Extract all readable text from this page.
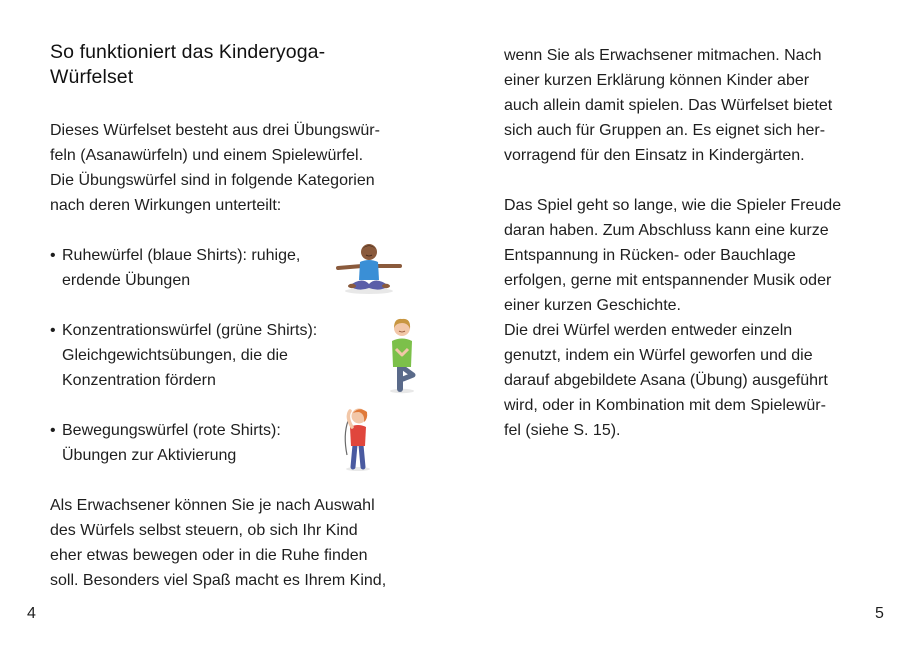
So funktioniert das Kinderyoga-
Würfelset
Dieses Würfelset besteht aus drei Übungswür-
feln (Asanawürfeln) und einem Spielewürfel.
Die Übungswürfel sind in folgende Kategorien
nach deren Wirkungen unterteilt:
• Ruhewürfel (blaue Shirts): ruhige,
erdende Übungen
• Konzentrationswürfel (grüne Shirts):
Gleichgewichtsübungen, die die
Konzentration fördern
• Bewegungswürfel (rote Shirts):
Übungen zur Aktivierung
Als Erwachsener können Sie je nach Auswahl
des Würfels selbst steuern, ob sich Ihr Kind
eher etwas bewegen oder in die Ruhe finden
soll. Besonders viel Spaß macht es Ihrem Kind,
4
wenn Sie als Erwachsener mitmachen. Nach
einer kurzen Erklärung können Kinder aber
auch allein damit spielen. Das Würfelset bietet
sich auch für Gruppen an. Es eignet sich her-
vorragend für den Einsatz in Kindergärten.
Das Spiel geht so lange, wie die Spieler Freude
daran haben. Zum Abschluss kann eine kurze
Entspannung in Rücken- oder Bauchlage
erfolgen, gerne mit entspannender Musik oder
einer kurzen Geschichte.
Die drei Würfel werden entweder einzeln
genutzt, indem ein Würfel geworfen und die
darauf abgebildete Asana (Übung) ausgeführt
wird, oder in Kombination mit dem Spielewür-
fel (siehe S. 15).
5
